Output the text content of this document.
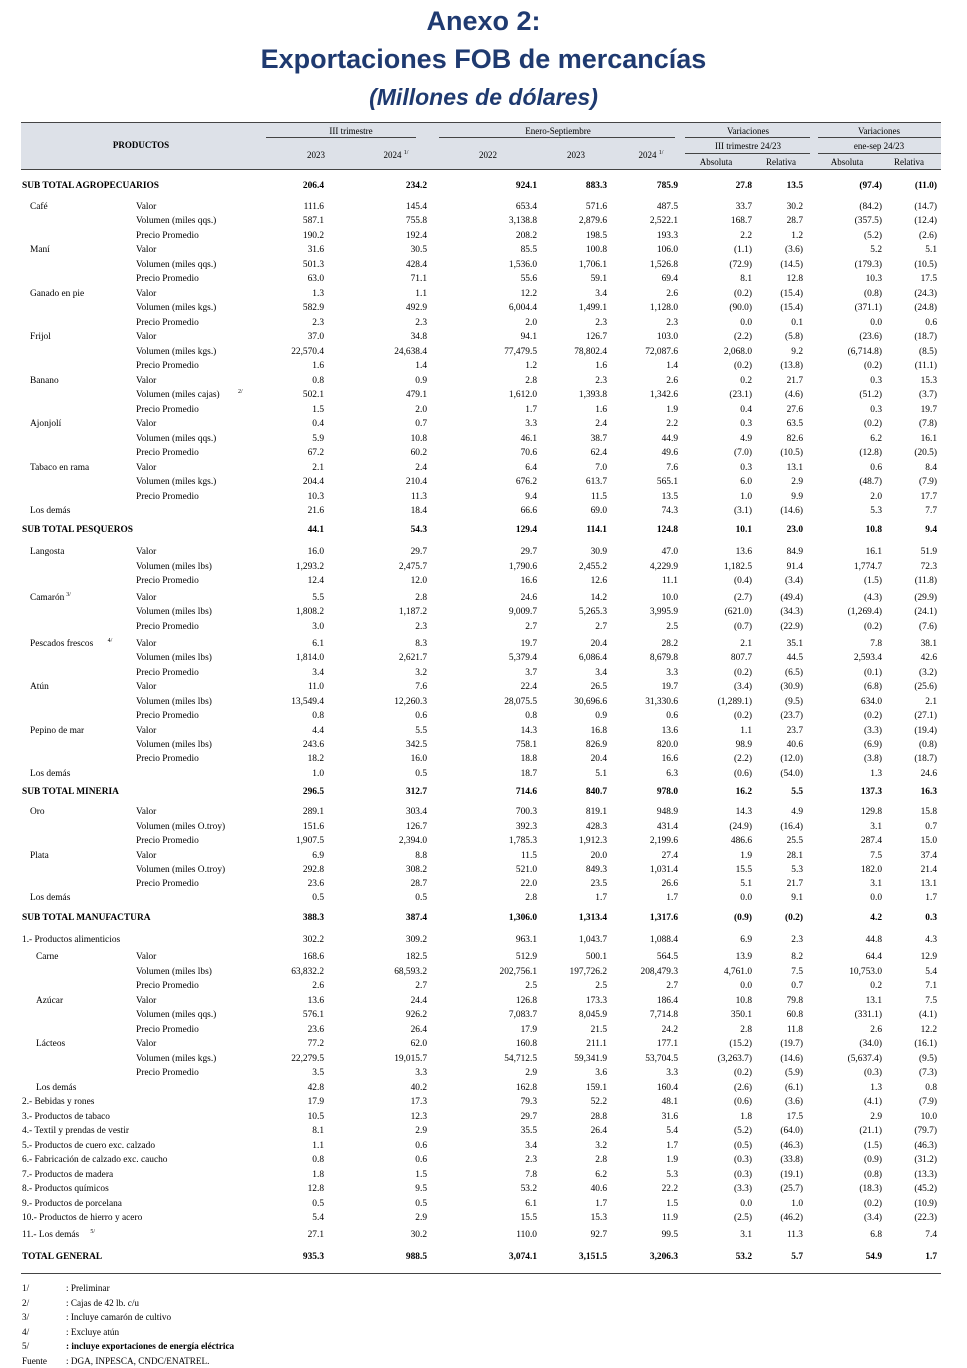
Anexo 2:
Exportaciones FOB de mercancías
(Millones de dólares)
PRODUCTOS
III trimestre	Enero-Septiembre	Variaciones	Variaciones
III trimestre 24/23	ene-sep 24/23
2023	2024 $^{1/}$	2022	2023	2024 $^{1/}$
Absoluta	Relativa	Absoluta	Relativa
SUB TOTAL AGROPECUARIOS	206.4	234.2	924.1	883.3	785.9	27.8	13.5	(97.4)	(11.0)
Café	Valor	111.6	145.4	653.4	571.6	487.5	33.7	30.2	(84.2)	(14.7)
Volumen (miles qqs.)	587.1	755.8	3,138.8	2,879.6	2,522.1	168.7	28.7	(357.5)	(12.4)
Precio Promedio	190.2	192.4	208.2	198.5	193.3	2.2	1.2	(5.2)	(2.6)
Maní	Valor	31.6	30.5	85.5	100.8	106.0	(1.1)	(3.6)	5.2	5.1
Volumen (miles qqs.)	501.3	428.4	1,536.0	1,706.1	1,526.8	(72.9)	(14.5)	(179.3)	(10.5)
Precio Promedio	63.0	71.1	55.6	59.1	69.4	8.1	12.8	10.3	17.5
Ganado en pie	Valor	1.3	1.1	12.2	3.4	2.6	(0.2)	(15.4)	(0.8)	(24.3)
Volumen (miles kgs.)	582.9	492.9	6,004.4	1,499.1	1,128.0	(90.0)	(15.4)	(371.1)	(24.8)
Precio Promedio	2.3	2.3	2.0	2.3	2.3	0.0	0.1	0.0	0.6
Frijol	Valor	37.0	34.8	94.1	126.7	103.0	(2.2)	(5.8)	(23.6)	(18.7)
Volumen (miles kgs.)	22,570.4	24,638.4	77,479.5	78,802.4	72,087.6	2,068.0	9.2	(6,714.8)	(8.5)
Precio Promedio	1.6	1.4	1.2	1.6	1.4	(0.2)	(13.8)	(0.2)	(11.1)
Banano	Valor	0.8	0.9	2.8	2.3	2.6	0.2	21.7	0.3	15.3
Volumen (miles cajas)	2/	502.1	479.1	1,612.0	1,393.8	1,342.6	(23.1)	(4.6)	(51.2)	(3.7)
Precio Promedio	1.5	2.0	1.7	1.6	1.9	0.4	27.6	0.3	19.7
Ajonjolí	Valor	0.4	0.7	3.3	2.4	2.2	0.3	63.5	(0.2)	(7.8)
Volumen (miles qqs.)	5.9	10.8	46.1	38.7	44.9	4.9	82.6	6.2	16.1
Precio Promedio	67.2	60.2	70.6	62.4	49.6	(7.0)	(10.5)	(12.8)	(20.5)
Tabaco en rama	Valor	2.1	2.4	6.4	7.0	7.6	0.3	13.1	0.6	8.4
Volumen (miles kgs.)	204.4	210.4	676.2	613.7	565.1	6.0	2.9	(48.7)	(7.9)
Precio Promedio	10.3	11.3	9.4	11.5	13.5	1.0	9.9	2.0	17.7
Los demás	21.6	18.4	66.6	69.0	74.3	(3.1)	(14.6)	5.3	7.7
SUB TOTAL PESQUEROS	44.1	54.3	129.4	114.1	124.8	10.1	23.0	10.8	9.4
Langosta	Valor	16.0	29.7	29.7	30.9	47.0	13.6	84.9	16.1	51.9
Volumen (miles lbs)	1,293.2	2,475.7	1,790.6	2,455.2	4,229.9	1,182.5	91.4	1,774.7	72.3
Precio Promedio	12.4	12.0	16.6	12.6	11.1	(0.4)	(3.4)	(1.5)	(11.8)
Camarón 3/	Valor	5.5	2.8	24.6	14.2	10.0	(2.7)	(49.4)	(4.3)	(29.9)
Volumen (miles lbs)	1,808.2	1,187.2	9,009.7	5,265.3	3,995.9	(621.0)	(34.3)	(1,269.4)	(24.1)
Precio Promedio	3.0	2.3	2.7	2.7	2.5	(0.7)	(22.9)	(0.2)	(7.6)
Pescados frescos 4/	Valor	6.1	8.3	19.7	20.4	28.2	2.1	35.1	7.8	38.1
Volumen (miles lbs)	1,814.0	2,621.7	5,379.4	6,086.4	8,679.8	807.7	44.5	2,593.4	42.6
Precio Promedio	3.4	3.2	3.7	3.4	3.3	(0.2)	(6.5)	(0.1)	(3.2)
Atún	Valor	11.0	7.6	22.4	26.5	19.7	(3.4)	(30.9)	(6.8)	(25.6)
Volumen (miles lbs)	13,549.4	12,260.3	28,075.5	30,696.6	31,330.6	(1,289.1)	(9.5)	634.0	2.1
Precio Promedio	0.8	0.6	0.8	0.9	0.6	(0.2)	(23.7)	(0.2)	(27.1)
Pepino de mar	Valor	4.4	5.5	14.3	16.8	13.6	1.1	23.7	(3.3)	(19.4)
Volumen (miles lbs)	243.6	342.5	758.1	826.9	820.0	98.9	40.6	(6.9)	(0.8)
Precio Promedio	18.2	16.0	18.8	20.4	16.6	(2.2)	(12.0)	(3.8)	(18.7)
Los demás	1.0	0.5	18.7	5.1	6.3	(0.6)	(54.0)	1.3	24.6
SUB TOTAL MINERIA	296.5	312.7	714.6	840.7	978.0	16.2	5.5	137.3	16.3
Oro	Valor	289.1	303.4	700.3	819.1	948.9	14.3	4.9	129.8	15.8
Volumen (miles O.troy)	151.6	126.7	392.3	428.3	431.4	(24.9)	(16.4)	3.1	0.7
Precio Promedio	1,907.5	2,394.0	1,785.3	1,912.3	2,199.6	486.6	25.5	287.4	15.0
Plata	Valor	6.9	8.8	11.5	20.0	27.4	1.9	28.1	7.5	37.4
Volumen (miles O.troy)	292.8	308.2	521.0	849.3	1,031.4	15.5	5.3	182.0	21.4
Precio Promedio	23.6	28.7	22.0	23.5	26.6	5.1	21.7	3.1	13.1
Los demás	0.5	0.5	2.8	1.7	1.7	0.0	9.1	0.0	1.7
SUB TOTAL MANUFACTURA	388.3	387.4	1,306.0	1,313.4	1,317.6	(0.9)	(0.2)	4.2	0.3
1.- Productos alimenticios	302.2	309.2	963.1	1,043.7	1,088.4	6.9	2.3	44.8	4.3
Carne	Valor	168.6	182.5	512.9	500.1	564.5	13.9	8.2	64.4	12.9
Volumen (miles lbs)	63,832.2	68,593.2	202,756.1	197,726.2	208,479.3	4,761.0	7.5	10,753.0	5.4
Precio Promedio	2.6	2.7	2.5	2.5	2.7	0.0	0.7	0.2	7.1
Azúcar	Valor	13.6	24.4	126.8	173.3	186.4	10.8	79.8	13.1	7.5
Volumen (miles qqs.)	576.1	926.2	7,083.7	8,045.9	7,714.8	350.1	60.8	(331.1)	(4.1)
Precio Promedio	23.6	26.4	17.9	21.5	24.2	2.8	11.8	2.6	12.2
Lácteos	Valor	77.2	62.0	160.8	211.1	177.1	(15.2)	(19.7)	(34.0)	(16.1)
Volumen (miles kgs.)	22,279.5	19,015.7	54,712.5	59,341.9	53,704.5	(3,263.7)	(14.6)	(5,637.4)	(9.5)
Precio Promedio	3.5	3.3	2.9	3.6	3.3	(0.2)	(5.9)	(0.3)	(7.3)
Los demás	42.8	40.2	162.8	159.1	160.4	(2.6)	(6.1)	1.3	0.8
2.- Bebidas y rones	17.9	17.3	79.3	52.2	48.1	(0.6)	(3.6)	(4.1)	(7.9)
3.- Productos de tabaco	10.5	12.3	29.7	28.8	31.6	1.8	17.5	2.9	10.0
4.- Textil y prendas de vestir	8.1	2.9	35.5	26.4	5.4	(5.2)	(64.0)	(21.1)	(79.7)
5.- Productos de cuero exc. calzado	1.1	0.6	3.4	3.2	1.7	(0.5)	(46.3)	(1.5)	(46.3)
6.- Fabricación de calzado exc. caucho	0.8	0.6	2.3	2.8	1.9	(0.3)	(33.8)	(0.9)	(31.2)
7.- Productos de madera	1.8	1.5	7.8	6.2	5.3	(0.3)	(19.1)	(0.8)	(13.3)
8.- Productos químicos	12.8	9.5	53.2	40.6	22.2	(3.3)	(25.7)	(18.3)	(45.2)
9.- Productos de porcelana	0.5	0.5	6.1	1.7	1.5	0.0	1.0	(0.2)	(10.9)
10.- Productos de hierro y acero	5.4	2.9	15.5	15.3	11.9	(2.5)	(46.2)	(3.4)	(22.3)
11.- Los demás 5/	27.1	30.2	110.0	92.7	99.5	3.1	11.3	6.8	7.4
TOTAL GENERAL	935.3	988.5	3,074.1	3,151.5	3,206.3	53.2	5.7	54.9	1.7
1/	: Preliminar
2/	: Cajas de 42 lb. c/u
3/	: Incluye camarón de cultivo
4/	: Excluye atún
5/	: incluye exportaciones de energía eléctrica
Fuente : DGA, INPESCA, CNDC/ENATREL.
